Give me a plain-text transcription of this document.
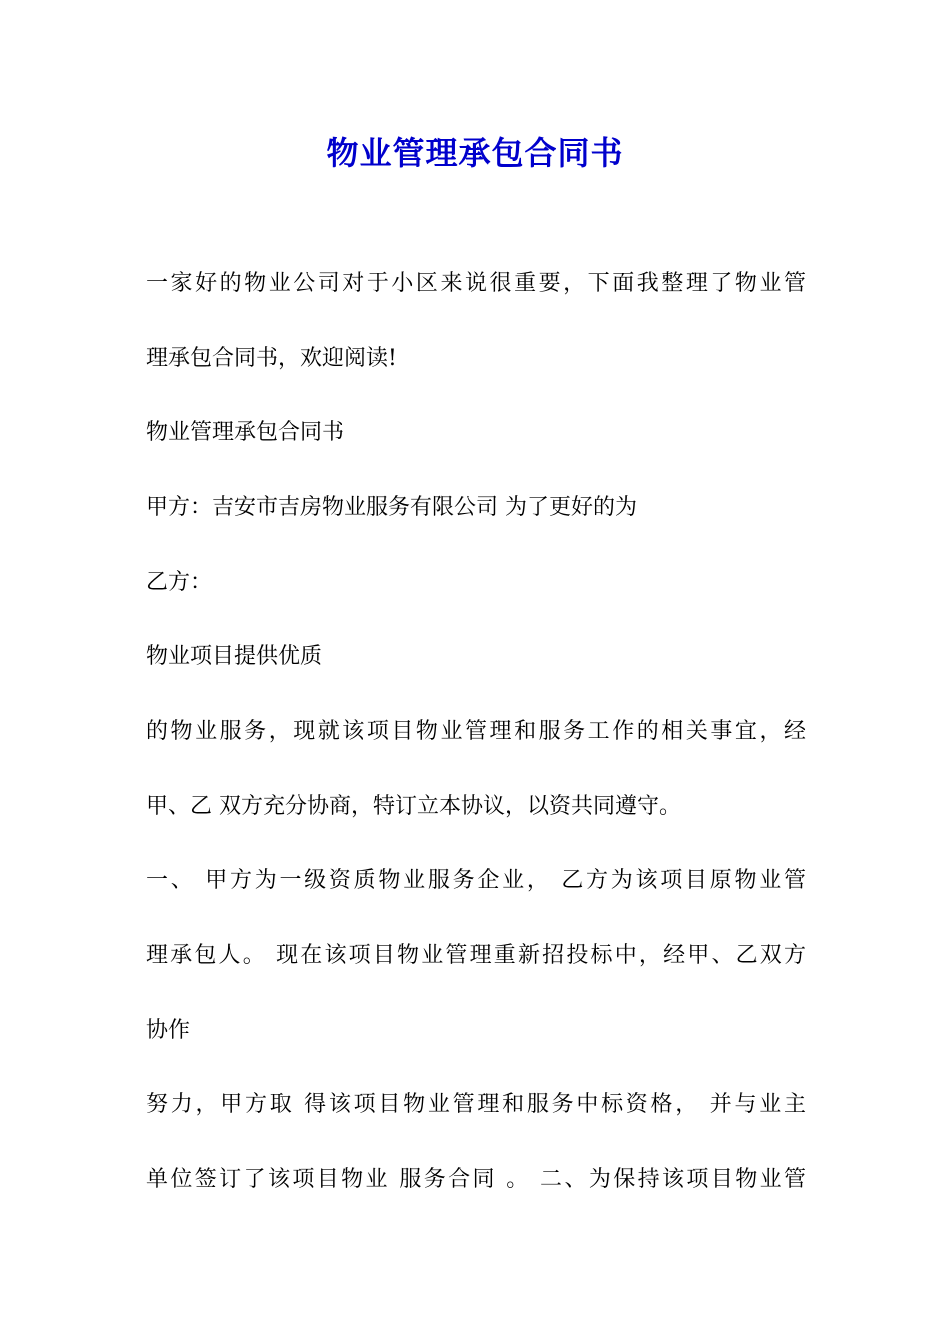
物业管理承包合同书
一家好的物业公司对于小区来说很重要，下面我整理了物业管
理承包合同书，欢迎阅读!
物业管理承包合同书
甲方：吉安市吉房物业服务有限公司 为了更好的为
乙方：
物业项目提供优质
的物业服务，现就该项目物业管理和服务工作的相关事宜，经
甲、乙 双方充分协商，特订立本协议，以资共同遵守。
一、 甲方为一级资质物业服务企业， 乙方为该项目原物业管
理承包人。 现在该项目物业管理重新招投标中，经甲、乙双方
协作
努力，甲方取 得该项目物业管理和服务中标资格， 并与业主
单位签订了该项目物业 服务合同 。 二、为保持该项目物业管
